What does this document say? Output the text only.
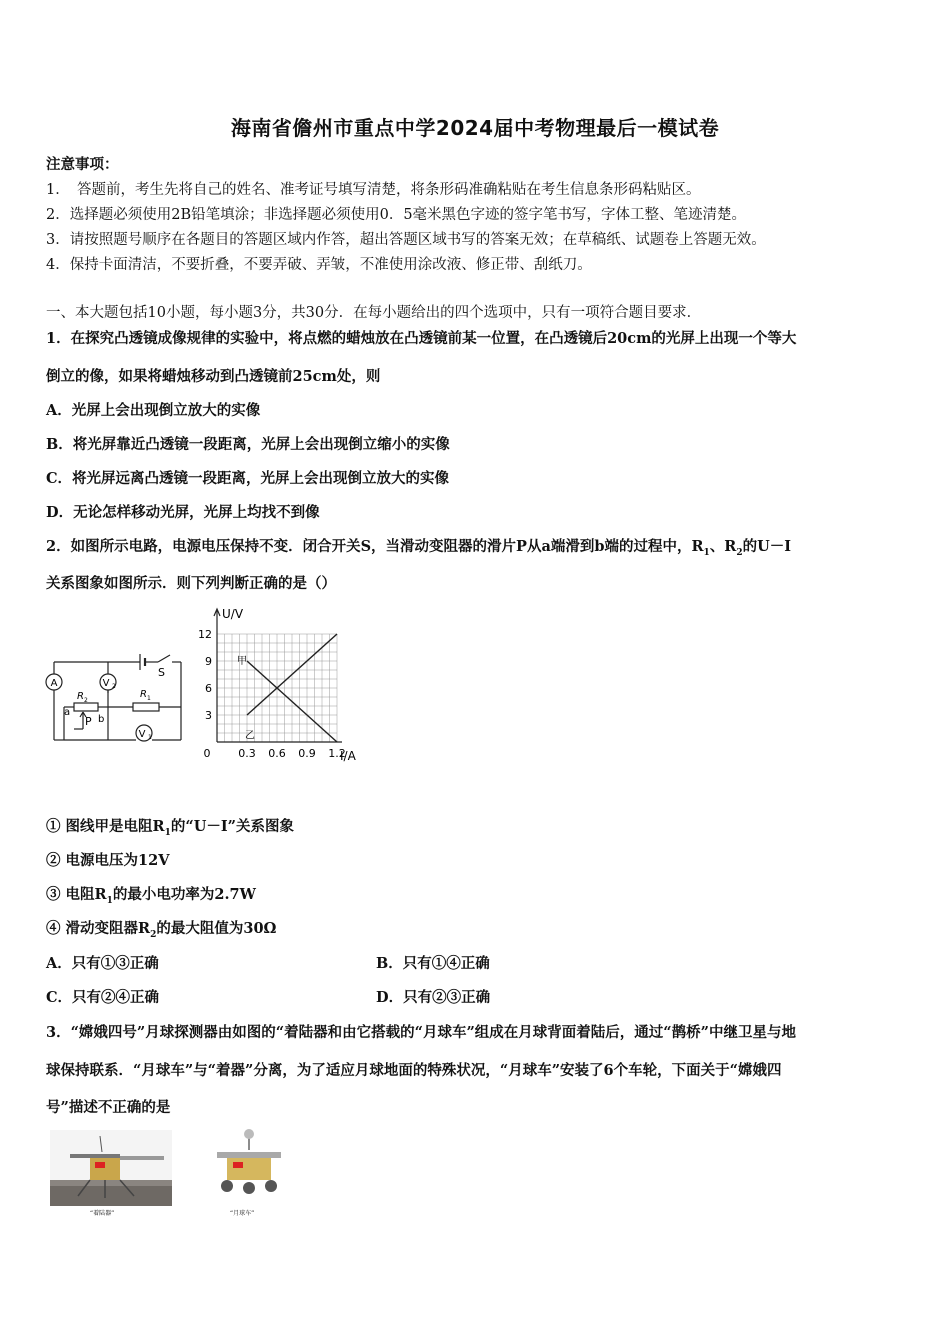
海南省儋州市重点中学2024届中考物理最后一模试卷
注意事项：
1．　答题前，考生先将自己的姓名、准考证号填写清楚，将条形码准确粘贴在考生信息条形码粘贴区。
2．选择题必须使用2B铅笔填涂；非选择题必须使用0．5毫米黑色字迹的签字笔书写，字体工整、笔迹清楚。
3．请按照题号顺序在各题目的答题区域内作答，超出答题区域书写的答案无效；在草稿纸、试题卷上答题无效。
4．保持卡面清洁，不要折叠，不要弄破、弄皱，不准使用涂改液、修正带、刮纸刀。
一、本大题包括10小题，每小题3分，共30分．在每小题给出的四个选项中，只有一项符合题目要求．
1．在探究凸透镜成像规律的实验中，将点燃的蜡烛放在凸透镜前某一位置，在凸透镜后20cm的光屏上出现一个等大
倒立的像，如果将蜡烛移动到凸透镜前25cm处，则
A．光屏上会出现倒立放大的实像
B．将光屏靠近凸透镜一段距离，光屏上会出现倒立缩小的实像
C．将光屏远离凸透镜一段距离，光屏上会出现倒立放大的实像
D．无论怎样移动光屏，光屏上均找不到像
2．如图所示电路，电源电压保持不变．闭合开关S，当滑动变阻器的滑片P从a端滑到b端的过程中，$R_1$、$R_2$的U－I
关系图象如图所示．则下列判断正确的是（）
A	V 2
V 1
R 1
R 2
S
a
b
P
U/V
I/A
0	0.3 0.6 0.9 1.2
3
6
9
12
甲
乙
① 图线甲是电阻$R_1$的“U－I”关系图象
② 电源电压为12V
③ 电阻$R_1$的最小电功率为2.7W
④ 滑动变阻器$R_2$的最大阻值为30Ω
A．只有①③正确	B．只有①④正确
C．只有②④正确	D．只有②③正确
3．“嫦娥四号”月球探测器由如图的“着陆器和由它搭载的“月球车”组成在月球背面着陆后，通过“鹊桥”中继卫星与地
球保持联系．“月球车”与“着器”分离，为了适应月球地面的特殊状况，“月球车”安装了6个车轮，下面关于“嫦娥四
号”描述不正确的是
“着陆器”	“月球车”
